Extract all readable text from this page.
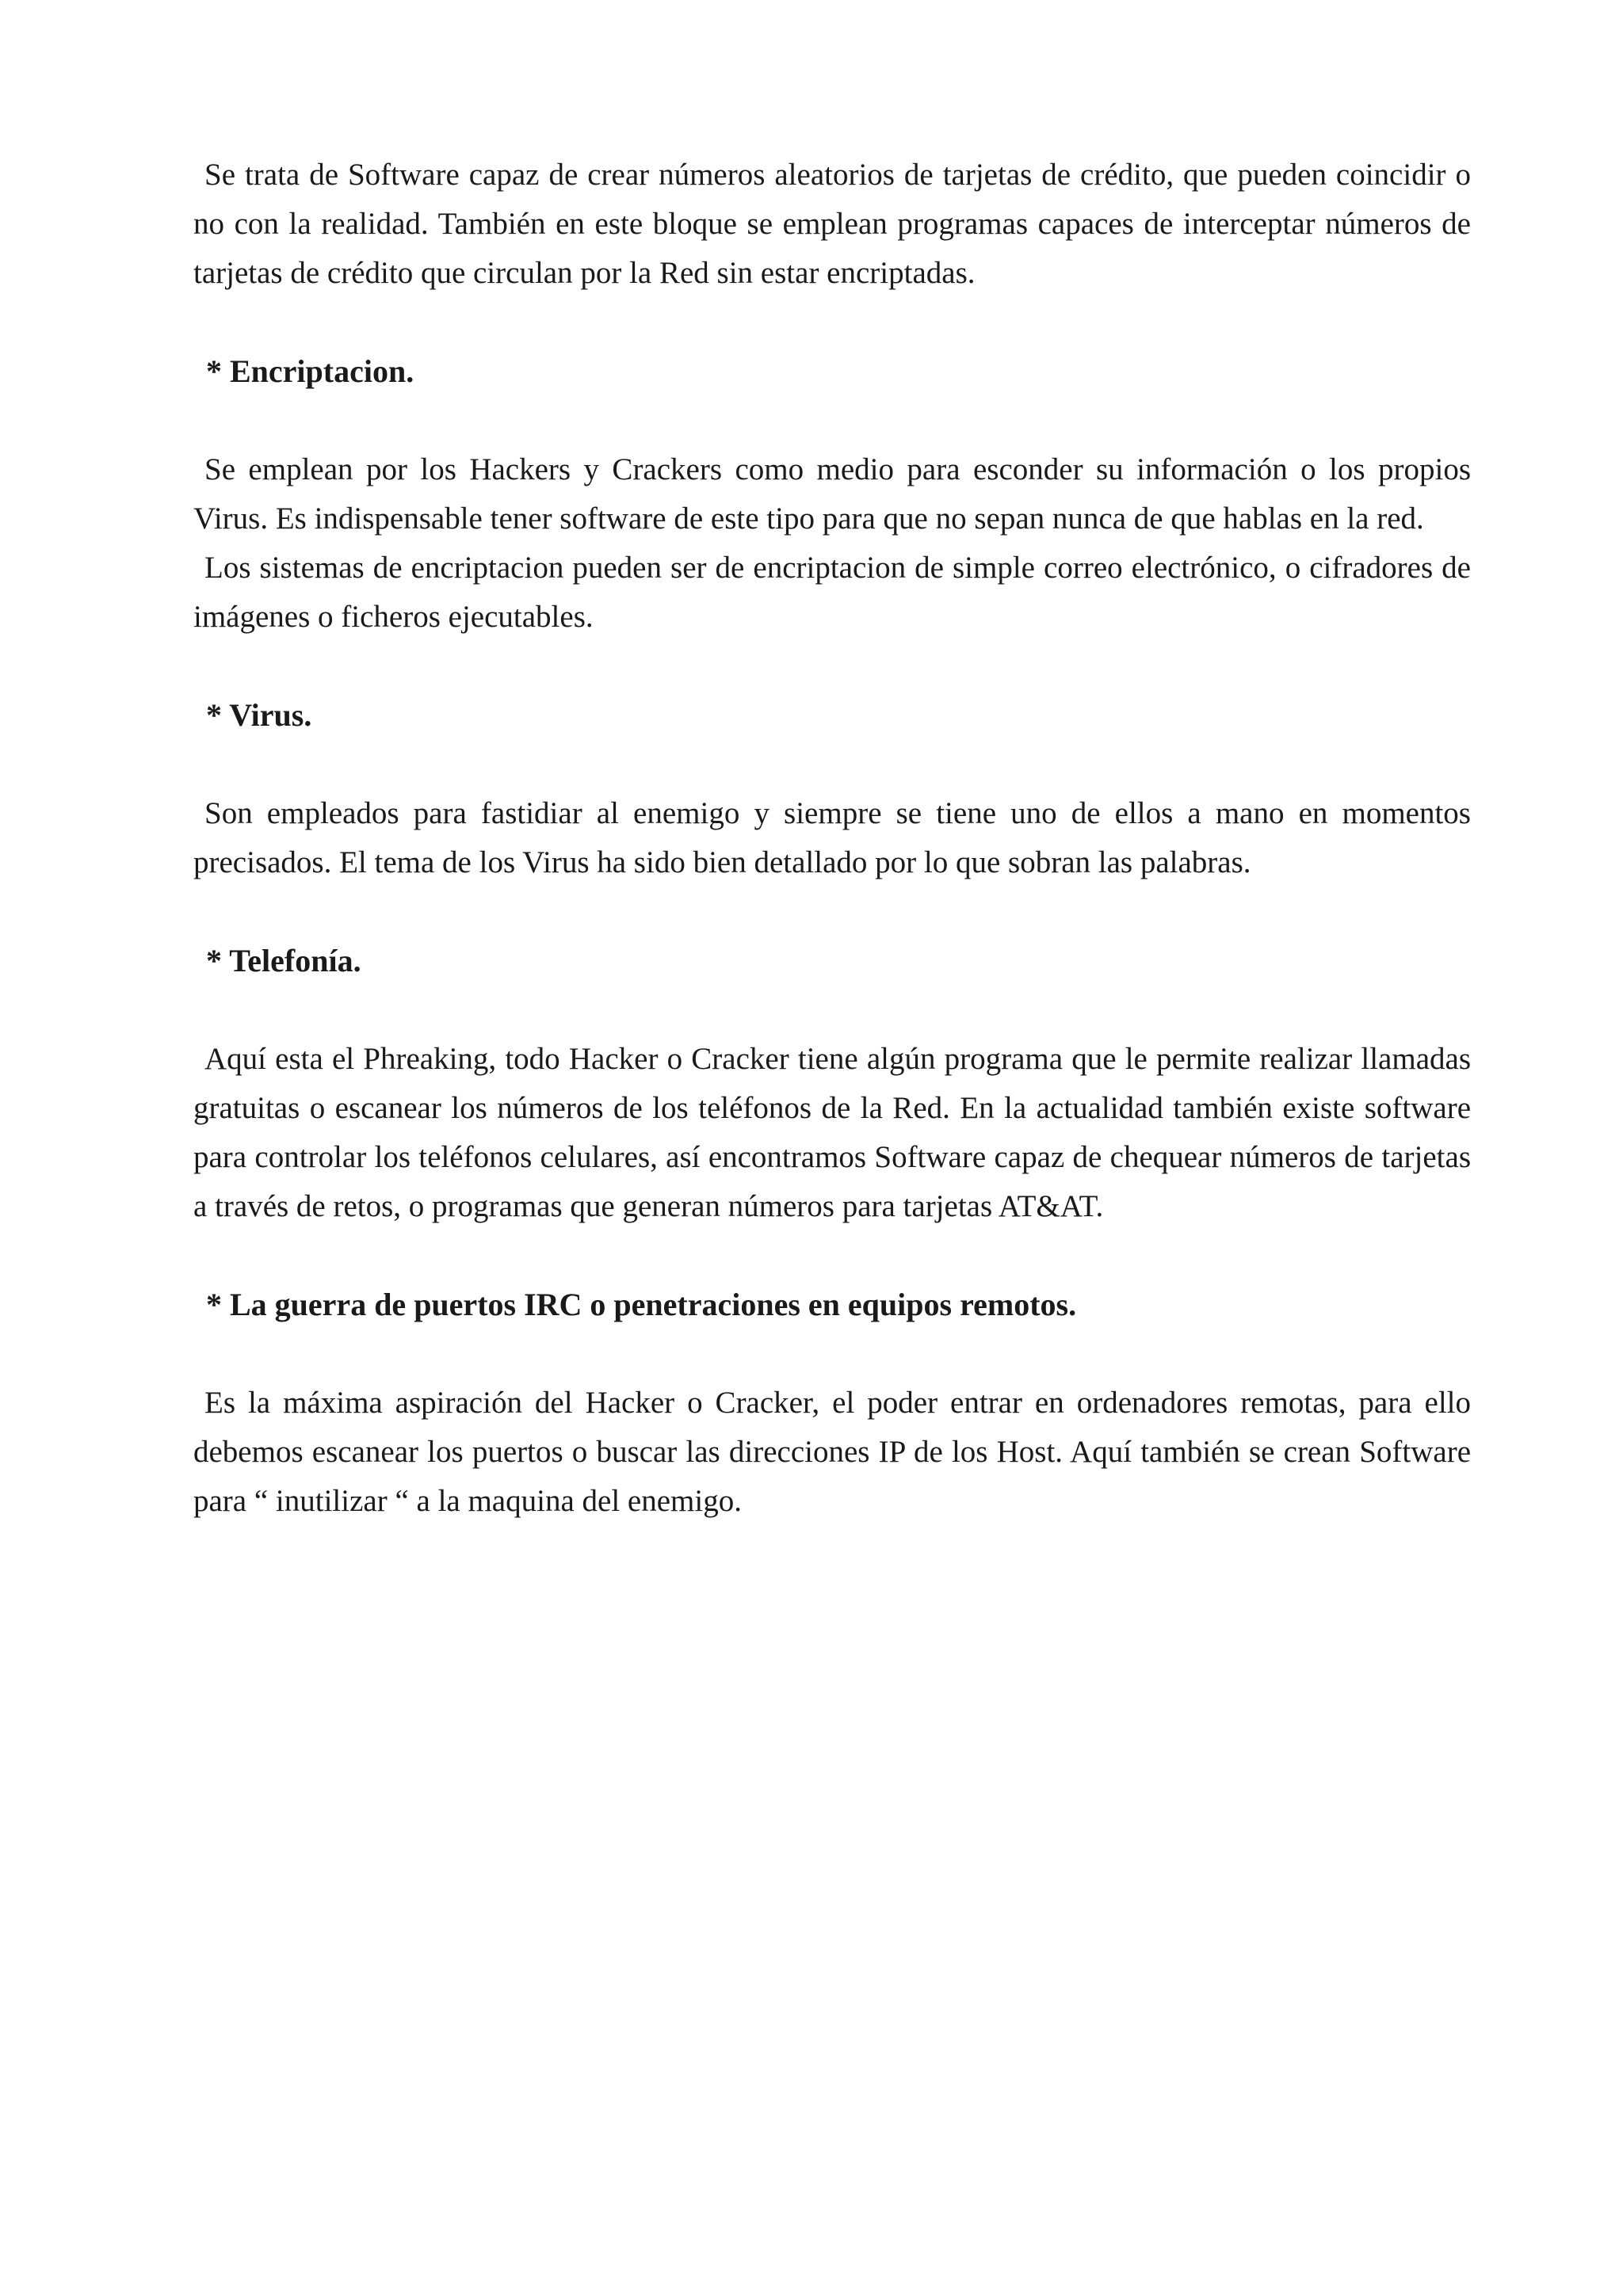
Se trata de Software capaz de crear números aleatorios de tarjetas de crédito, que pueden coincidir o no con la realidad. También en este bloque se emplean programas capaces de interceptar números de tarjetas de crédito que circulan por la Red sin estar encriptadas.

* Encriptacion.

Se emplean por los Hackers y Crackers como medio para esconder su información o los propios Virus. Es indispensable tener software de este tipo para que no sepan nunca de que hablas en la red.

Los sistemas de encriptacion pueden ser de encriptacion de simple correo electrónico, o cifradores de imágenes o ficheros ejecutables.

* Virus.

Son empleados para fastidiar al enemigo y siempre se tiene uno de ellos a mano en momentos precisados. El tema de los Virus ha sido bien detallado por lo que sobran las palabras.

* Telefonía.

Aquí esta el Phreaking, todo Hacker o Cracker tiene algún programa que le permite realizar llamadas gratuitas o escanear los números de los teléfonos de la Red. En la actualidad también existe software para controlar los teléfonos celulares, así encontramos Software capaz de chequear números de tarjetas a través de retos, o programas que generan números para tarjetas AT&AT.

* La guerra de puertos IRC o penetraciones en equipos remotos.

Es la máxima aspiración del Hacker o Cracker, el poder entrar en ordenadores remotas, para ello debemos escanear los puertos o buscar las direcciones IP de los Host. Aquí también se crean Software para “ inutilizar “ a la maquina del enemigo.
